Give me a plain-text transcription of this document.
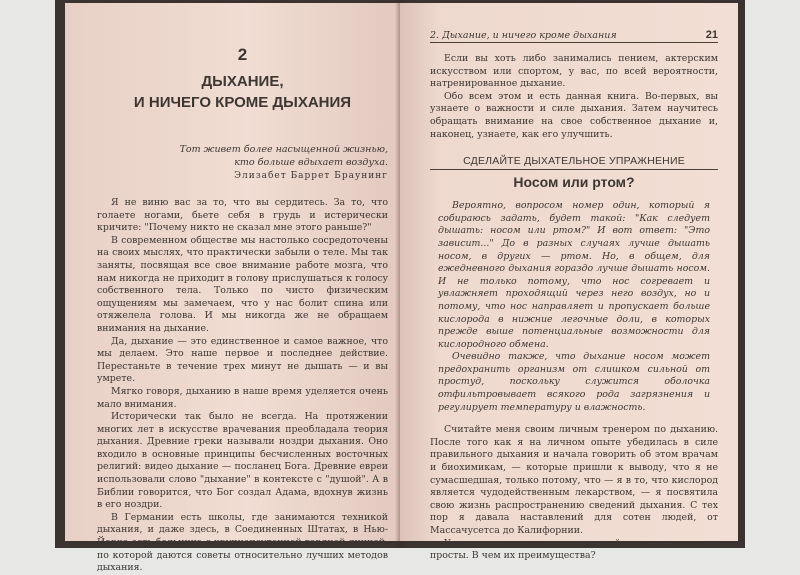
2
ДЫХАНИЕ,
И НИЧЕГО КРОМЕ ДЫХАНИЯ
Тот живет более насыщенной жизнью,
кто больше вдыхает воздуха.
Элизабет Баррет Браунинг

Я не виню вас за то, что вы сердитесь. За то, что голаете ногами, бьете себя в грудь и истерически кричите: "Почему никто не сказал мне этого раньше?"

В современном обществе мы настолько сосредоточены на своих мыслях, что практически забыли о теле. Мы так заняты, посвящая все свое внимание работе мозга, что нам никогда не приходит в голову прислушаться к голосу собственного тела. Только по чисто физическим ощущениям мы замечаем, что у нас болит спина или отяжелела голова. И мы никогда же не обращаем внимания на дыхание.

Да, дыхание — это единственное и самое важное, что мы делаем. Это наше первое и последнее действие. Перестаньте в течение трех минут не дышать — и вы умрете.

Мягко говоря, дыханию в наше время уделяется очень мало внимания.

Исторически так было не всегда. На протяжении многих лет в искусстве врачевания преобладала теория дыхания. Древние греки называли ноздри дыхания. Оно входило в основные принципы бесчисленных восточных религий: видео дыхание — посланец Бога. Древние евреи использовали слово "дыхание" в контексте с "душой". А в Библии говорится, что Бог создал Адама, вдохнув жизнь в его ноздри.

В Германии есть школы, где занимаются техникой дыхания, и даже здесь, в Соединенных Штатах, в Нью-Йорке есть больница с крупнопсуточной горячей линией, по которой даются советы относительно лучших методов дыхания.

2. Дыхание, и ничего кроме дыхания	21

Если вы хоть либо занимались пением, актерским искусством или спортом, у вас, по всей вероятности, натренированное дыхание.

Обо всем этом и есть данная книга. Во-первых, вы узнаете о важности и силе дыхания. Затем научитесь обращать внимание на свое собственное дыхание и, наконец, узнаете, как его улучшить.

СДЕЛАЙТЕ ДЫХАТЕЛЬНОЕ УПРАЖНЕНИЕ
Носом или ртом?

Вероятно, вопросом номер один, который я собираюсь задать, будет такой: "Как следует дышать: носом или ртом?" И вот ответ: "Это зависит..." До в разных случаях лучше дышать носом, в других — ртом. Но, в общем, для ежедневного дыхания гораздо лучше дышать носом. И не только потому, что нос согревает и увлажняет проходящий через него воздух, но и потому, что нос направляет и пропускает больше кислорода в нижние легочные доли, в которых прежде выше потенциальные возможности для кислородного обмена.

Очевидно также, что дыхание носом может предохранить организм от слишком сильной от простуд, поскольку служится оболочка отфильтровывает всякого рода загрязнения и регулирует температуру и влажность.

Считайте меня своим личным тренером по дыханию. После того как я на личном опыте убедилась в силе правильного дыхания и начала говорить об этом врачам и биохимикам, — которые пришли к выводу, что я не сумасшедшая, только потому, что — я в то, что кислород является чудодейственным лекарством, — я посвятила свою жизнь распространению сведений дыхания. С тех пор я давала наставлений для сотен людей, от Массачусетса до Калифорнии.

Упражнения по дыханию действительно очень просты. В чем их преимущества?
